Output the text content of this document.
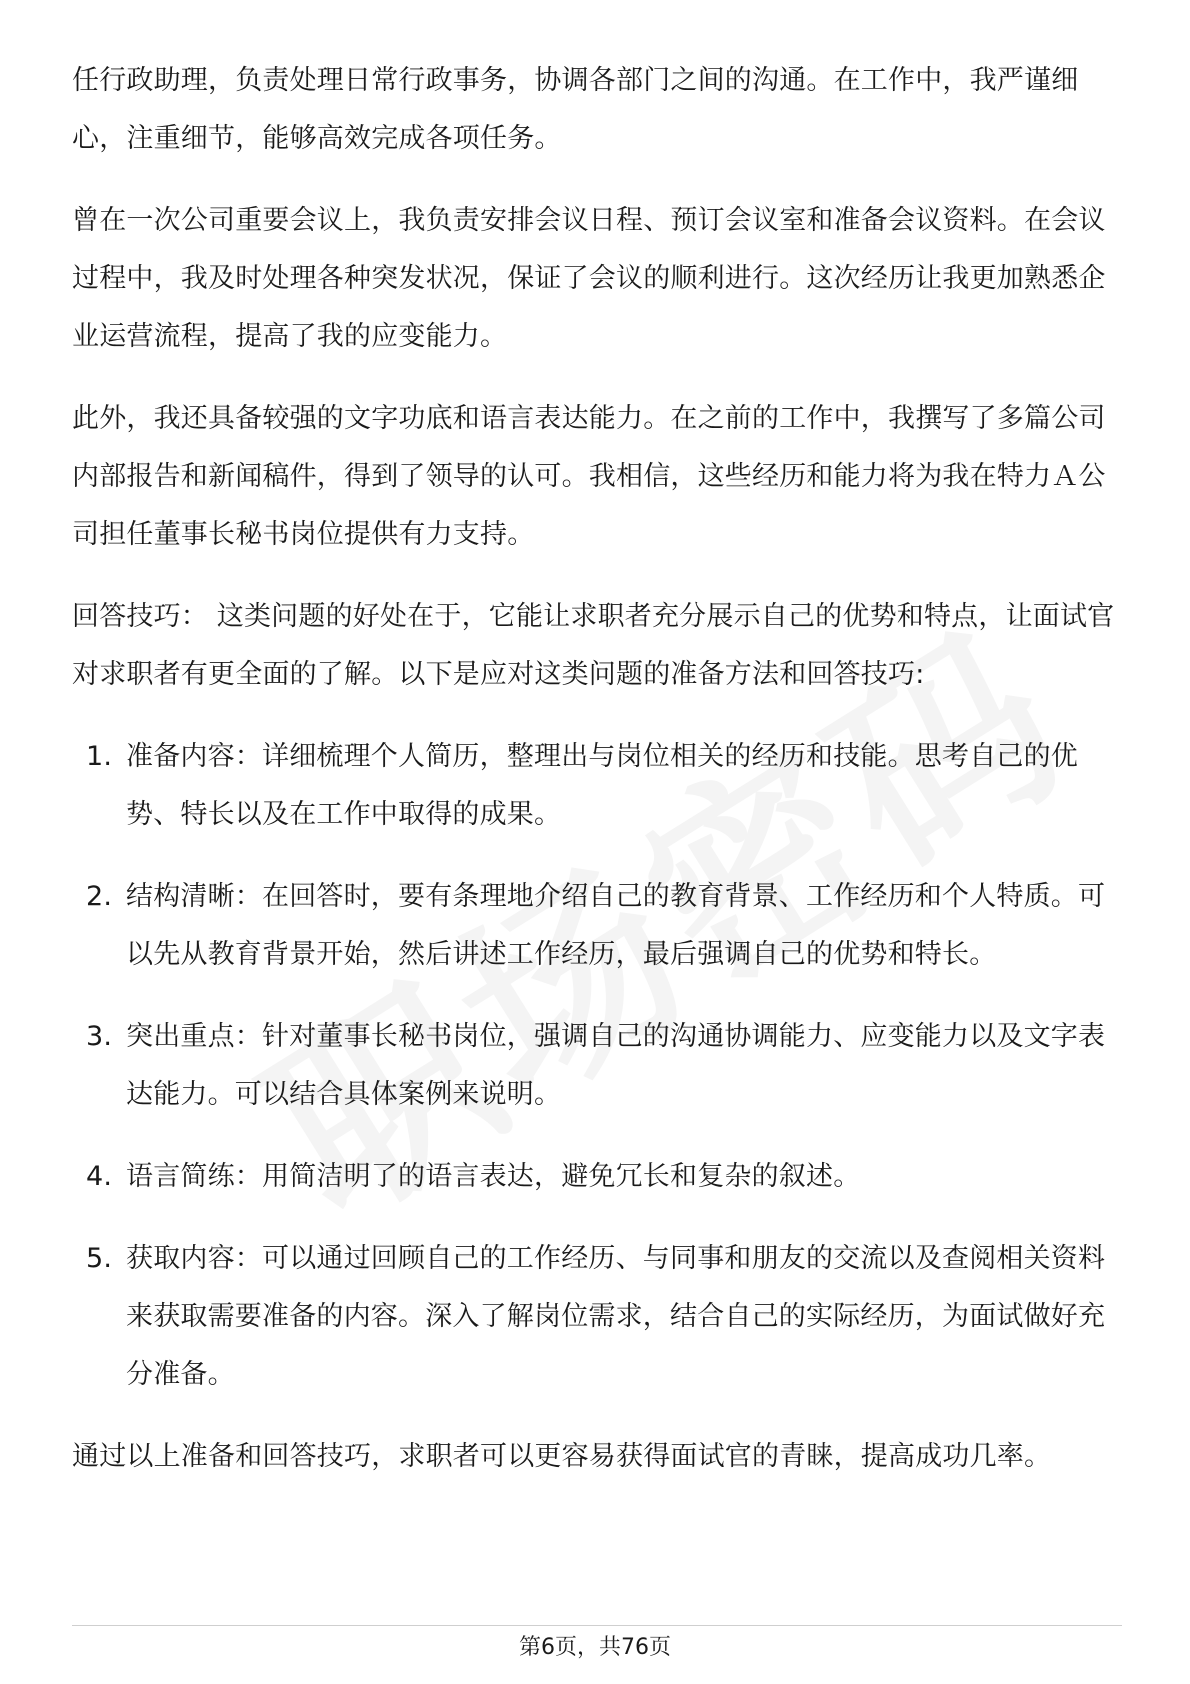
任行政助理，负责处理日常行政事务，协调各部门之间的沟通。在工作中，我严谨细心，注重细节，能够高效完成各项任务。

曾在一次公司重要会议上，我负责安排会议日程、预订会议室和准备会议资料。在会议过程中，我及时处理各种突发状况，保证了会议的顺利进行。这次经历让我更加熟悉企业运营流程，提高了我的应变能力。

此外，我还具备较强的文字功底和语言表达能力。在之前的工作中，我撰写了多篇公司内部报告和新闻稿件，得到了领导的认可。我相信，这些经历和能力将为我在特力Ａ公司担任董事长秘书岗位提供有力支持。

回答技巧： 这类问题的好处在于，它能让求职者充分展示自己的优势和特点，让面试官对求职者有更全面的了解。以下是应对这类问题的准备方法和回答技巧:

1. 准备内容：详细梳理个人简历，整理出与岗位相关的经历和技能。思考自己的优势、特长以及在工作中取得的成果。
2. 结构清晰：在回答时，要有条理地介绍自己的教育背景、工作经历和个人特质。可以先从教育背景开始，然后讲述工作经历，最后强调自己的优势和特长。
3. 突出重点：针对董事长秘书岗位，强调自己的沟通协调能力、应变能力以及文字表达能力。可以结合具体案例来说明。
4. 语言简练：用简洁明了的语言表达，避免冗长和复杂的叙述。
5. 获取内容：可以通过回顾自己的工作经历、与同事和朋友的交流以及查阅相关资料来获取需要准备的内容。深入了解岗位需求，结合自己的实际经历，为面试做好充分准备。

通过以上准备和回答技巧，求职者可以更容易获得面试官的青睐，提高成功几率。

第6页，共76页
